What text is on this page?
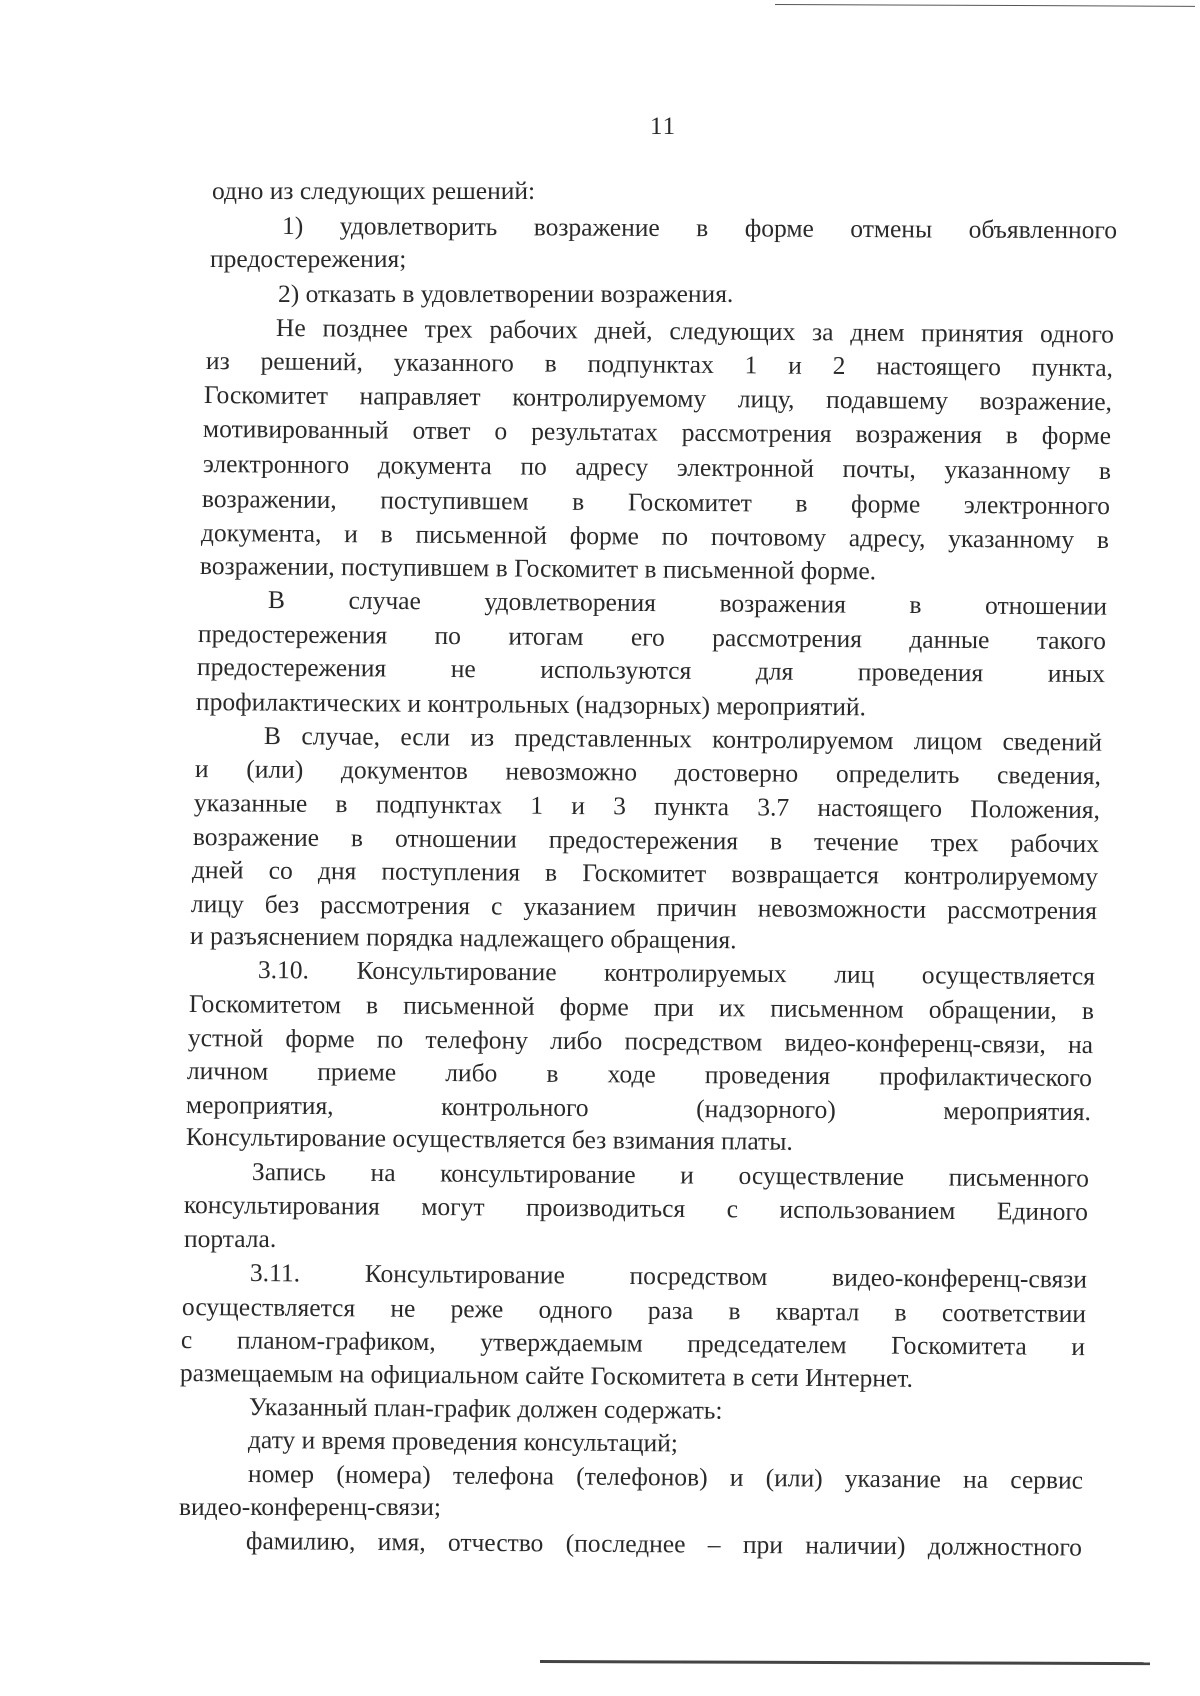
11
одно из следующих решений:
1) удовлетворить возражение в форме отмены объявленного
предостережения;
2) отказать в удовлетворении возражения.
Не позднее трех рабочих дней, следующих за днем принятия одного
из решений, указанного в подпунктах 1 и 2 настоящего пункта,
Госкомитет направляет контролируемому лицу, подавшему возражение,
мотивированный ответ о результатах рассмотрения возражения в форме
электронного документа по адресу электронной почты, указанному в
возражении, поступившем в Госкомитет в форме электронного
документа, и в письменной форме по почтовому адресу, указанному в
возражении, поступившем в Госкомитет в письменной форме.
В случае удовлетворения возражения в отношении
предостережения по итогам его рассмотрения данные такого
предостережения не используются для проведения иных
профилактических и контрольных (надзорных) мероприятий.
В случае, если из представленных контролируемом лицом сведений
и (или) документов невозможно достоверно определить сведения,
указанные в подпунктах 1 и 3 пункта 3.7 настоящего Положения,
возражение в отношении предостережения в течение трех рабочих
дней со дня поступления в Госкомитет возвращается контролируемому
лицу без рассмотрения с указанием причин невозможности рассмотрения
и разъяснением порядка надлежащего обращения.
3.10. Консультирование контролируемых лиц осуществляется
Госкомитетом в письменной форме при их письменном обращении, в
устной форме по телефону либо посредством видео-конференц-связи, на
личном приеме либо в ходе проведения профилактического
мероприятия, контрольного (надзорного) мероприятия.
Консультирование осуществляется без взимания платы.
Запись на консультирование и осуществление письменного
консультирования могут производиться с использованием Единого
портала.
3.11. Консультирование посредством видео-конференц-связи
осуществляется не реже одного раза в квартал в соответствии
с планом-графиком, утверждаемым председателем Госкомитета и
размещаемым на официальном сайте Госкомитета в сети Интернет.
Указанный план-график должен содержать:
дату и время проведения консультаций;
номер (номера) телефона (телефонов) и (или) указание на сервис
видео-конференц-связи;
фамилию, имя, отчество (последнее – при наличии) должностного
